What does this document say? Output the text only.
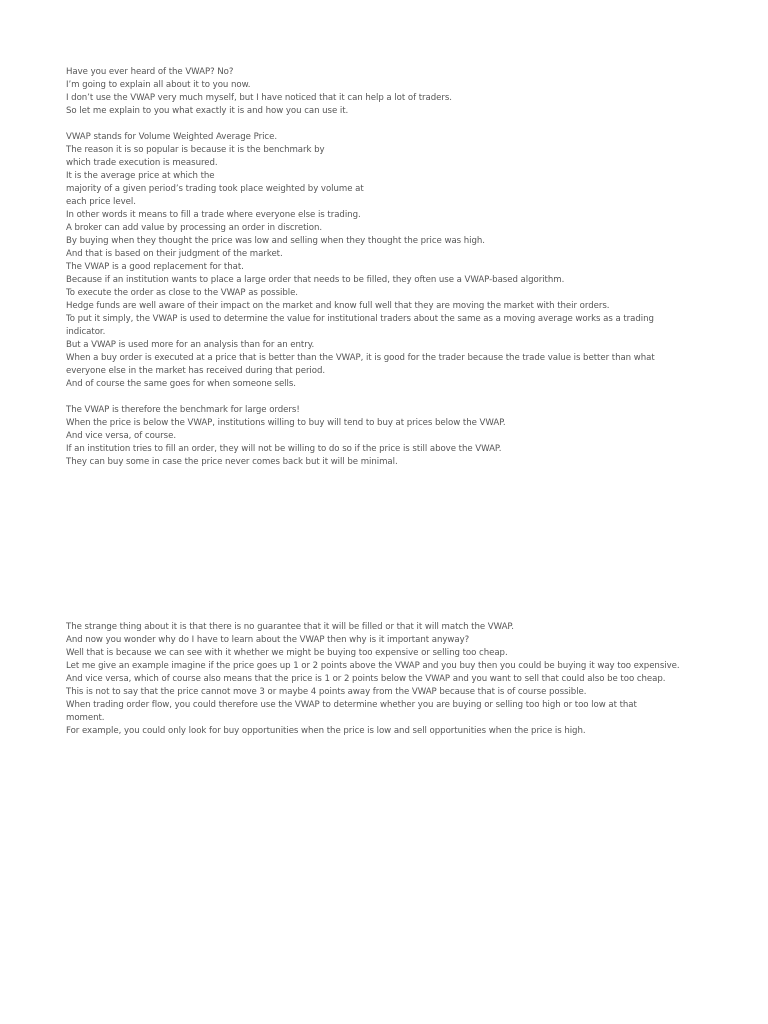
Have you ever heard of the VWAP? No?
I’m going to explain all about it to you now.
I don’t use the VWAP very much myself, but I have noticed that it can help a lot of traders.
So let me explain to you what exactly it is and how you can use it.
VWAP stands for Volume Weighted Average Price.
The reason it is so popular is because it is the benchmark by
which trade execution is measured.
It is the average price at which the
majority of a given period’s trading took place weighted by volume at
each price level.
In other words it means to fill a trade where everyone else is trading.
A broker can add value by processing an order in discretion.
By buying when they thought the price was low and selling when they thought the price was high.
And that is based on their judgment of the market.
The VWAP is a good replacement for that.
Because if an institution wants to place a large order that needs to be filled, they often use a VWAP-based algorithm.
To execute the order as close to the VWAP as possible.
Hedge funds are well aware of their impact on the market and know full well that they are moving the market with their orders.
To put it simply, the VWAP is used to determine the value for institutional traders about the same as a moving average works as a trading
indicator.
But a VWAP is used more for an analysis than for an entry.
When a buy order is executed at a price that is better than the VWAP, it is good for the trader because the trade value is better than what
everyone else in the market has received during that period.
And of course the same goes for when someone sells.
The VWAP is therefore the benchmark for large orders!
When the price is below the VWAP, institutions willing to buy will tend to buy at prices below the VWAP.
And vice versa, of course.
If an institution tries to fill an order, they will not be willing to do so if the price is still above the VWAP.
They can buy some in case the price never comes back but it will be minimal.
The strange thing about it is that there is no guarantee that it will be filled or that it will match the VWAP.
And now you wonder why do I have to learn about the VWAP then why is it important anyway?
Well that is because we can see with it whether we might be buying too expensive or selling too cheap.
Let me give an example imagine if the price goes up 1 or 2 points above the VWAP and you buy then you could be buying it way too expensive.
And vice versa, which of course also means that the price is 1 or 2 points below the VWAP and you want to sell that could also be too cheap.
This is not to say that the price cannot move 3 or maybe 4 points away from the VWAP because that is of course possible.
When trading order flow, you could therefore use the VWAP to determine whether you are buying or selling too high or too low at that
moment.
For example, you could only look for buy opportunities when the price is low and sell opportunities when the price is high.
